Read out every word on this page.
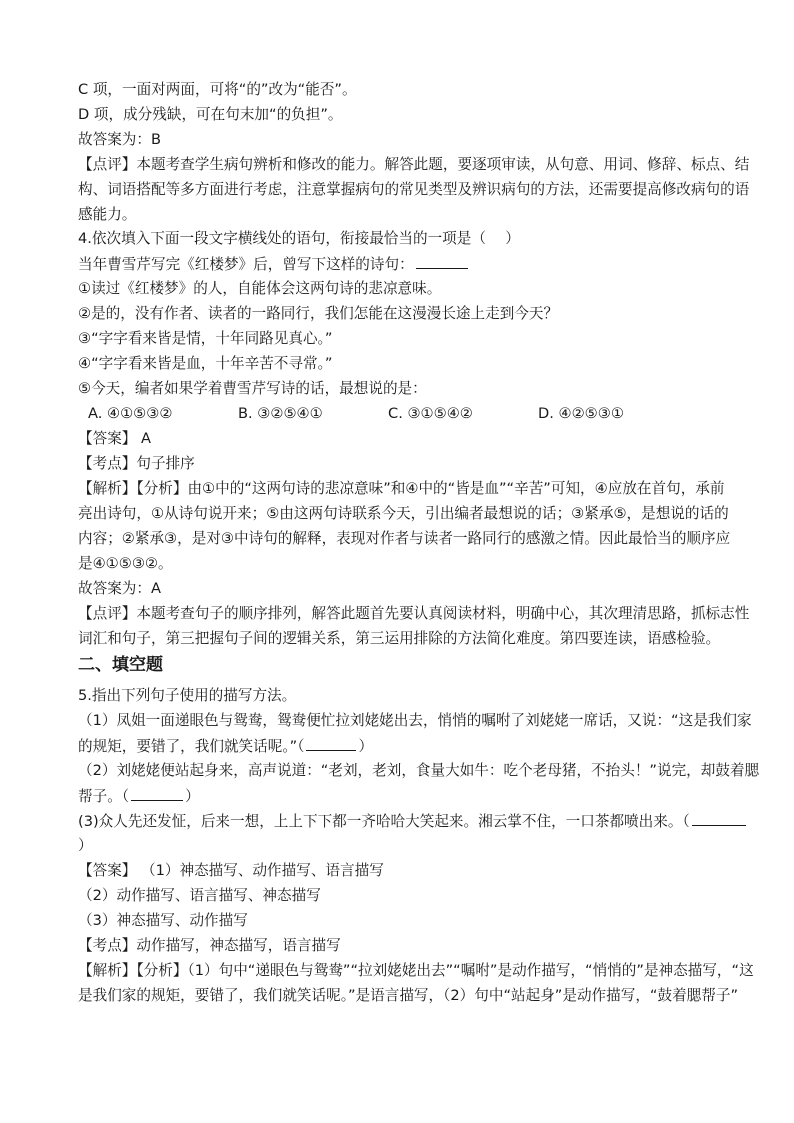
C 项，一面对两面，可将“的”改为“能否”。
D 项，成分残缺，可在句末加“的负担”。
故答案为：B
【点评】本题考查学生病句辨析和修改的能力。解答此题，要逐项审读，从句意、用词、修辞、标点、结
构、词语搭配等多方面进行考虑，注意掌握病句的常见类型及辨识病句的方法，还需要提高修改病句的语
感能力。
4.依次填入下面一段文字横线处的语句，衔接最恰当的一项是（　 ）
当年曹雪芹写完《红楼梦》后，曾写下这样的诗句：
①读过《红楼梦》的人，自能体会这两句诗的悲凉意味。
②是的，没有作者、读者的一路同行，我们怎能在这漫漫长途上走到今天？
③“字字看来皆是情，十年同路见真心。”
④“字字看来皆是血，十年辛苦不寻常。”
⑤今天，编者如果学着曹雪芹写诗的话，最想说的是：
A. ④①⑤③②	B. ③②⑤④①	C. ③①⑤④②	D. ④②⑤③①
【答案】 A
【考点】句子排序
【解析】【分析】由①中的“这两句诗的悲凉意味”和④中的“皆是血”“辛苦”可知，④应放在首句，承前
亮出诗句，①从诗句说开来；⑤由这两句诗联系今天，引出编者最想说的话；③紧承⑤，是想说的话的
内容；②紧承③，是对③中诗句的解释，表现对作者与读者一路同行的感激之情。因此最恰当的顺序应
是④①⑤③②。
故答案为：A
【点评】本题考查句子的顺序排列，解答此题首先要认真阅读材料，明确中心，其次理清思路，抓标志性
词汇和句子，第三把握句子间的逻辑关系，第三运用排除的方法简化难度。第四要连读，语感检验。
二、填空题
5.指出下列句子使用的描写方法。
（1）凤姐一面递眼色与鸳鸯，鸳鸯便忙拉刘姥姥出去，悄悄的嘱咐了刘姥姥一席话，又说：“这是我们家
的规矩，要错了，我们就笑话呢。”（	）
（2）刘姥姥便站起身来，高声说道：“老刘，老刘，食量大如牛：吃个老母猪，不抬头！”说完，却鼓着腮
帮子。（	）
(3)众人先还发怔，后来一想，上上下下都一齐哈哈大笑起来。湘云掌不住，一口茶都喷出来。（
）
【答案】 （1）神态描写、动作描写、语言描写
（2）动作描写、语言描写、神态描写
（3）神态描写、动作描写
【考点】动作描写，神态描写，语言描写
【解析】【分析】（1）句中“递眼色与鸳鸯”“拉刘姥姥出去”“嘱咐”是动作描写，“悄悄的”是神态描写，“这
是我们家的规矩，要错了，我们就笑话呢。”是语言描写，（2）句中“站起身”是动作描写，“鼓着腮帮子”
